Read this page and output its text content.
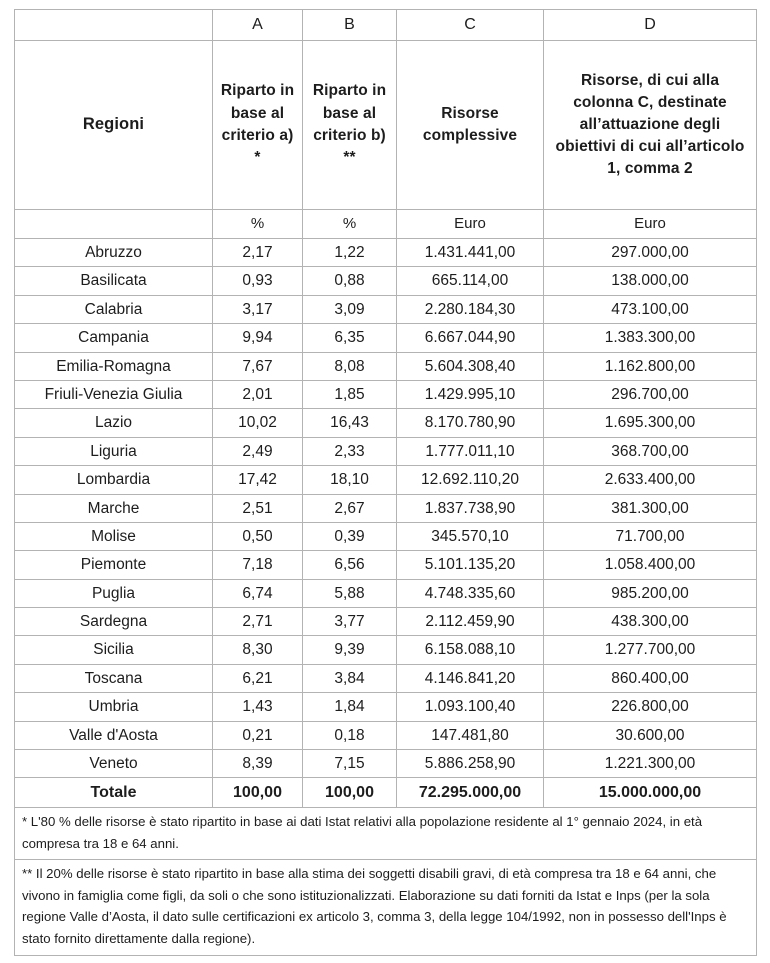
	A	B	C	D
Regioni	Riparto in base al criterio a) *	Riparto in base al criterio b) **	Risorse complessive	Risorse, di cui alla colonna C, destinate all’attuazione degli obiettivi di cui all’articolo 1, comma 2
	%	%	Euro	Euro
Abruzzo	2,17	1,22	1.431.441,00	297.000,00
Basilicata	0,93	0,88	665.114,00	138.000,00
Calabria	3,17	3,09	2.280.184,30	473.100,00
Campania	9,94	6,35	6.667.044,90	1.383.300,00
Emilia-Romagna	7,67	8,08	5.604.308,40	1.162.800,00
Friuli-Venezia Giulia	2,01	1,85	1.429.995,10	296.700,00
Lazio	10,02	16,43	8.170.780,90	1.695.300,00
Liguria	2,49	2,33	1.777.011,10	368.700,00
Lombardia	17,42	18,10	12.692.110,20	2.633.400,00
Marche	2,51	2,67	1.837.738,90	381.300,00
Molise	0,50	0,39	345.570,10	71.700,00
Piemonte	7,18	6,56	5.101.135,20	1.058.400,00
Puglia	6,74	5,88	4.748.335,60	985.200,00
Sardegna	2,71	3,77	2.112.459,90	438.300,00
Sicilia	8,30	9,39	6.158.088,10	1.277.700,00
Toscana	6,21	3,84	4.146.841,20	860.400,00
Umbria	1,43	1,84	1.093.100,40	226.800,00
Valle d'Aosta	0,21	0,18	147.481,80	30.600,00
Veneto	8,39	7,15	5.886.258,90	1.221.300,00
Totale	100,00	100,00	72.295.000,00	15.000.000,00
* L'80 % delle risorse è stato ripartito in base ai dati Istat relativi alla popolazione residente al 1° gennaio 2024, in età compresa tra 18 e 64 anni.				
** Il 20% delle risorse è stato ripartito in base alla stima dei soggetti disabili gravi, di età compresa tra 18 e 64 anni, che vivono in famiglia come figli, da soli o che sono istituzionalizzati. Elaborazione su dati forniti da Istat e Inps (per la sola regione Valle d’Aosta, il dato sulle certificazioni ex articolo 3, comma 3, della legge 104/1992, non in possesso dell'Inps è stato fornito direttamente dalla regione).				
